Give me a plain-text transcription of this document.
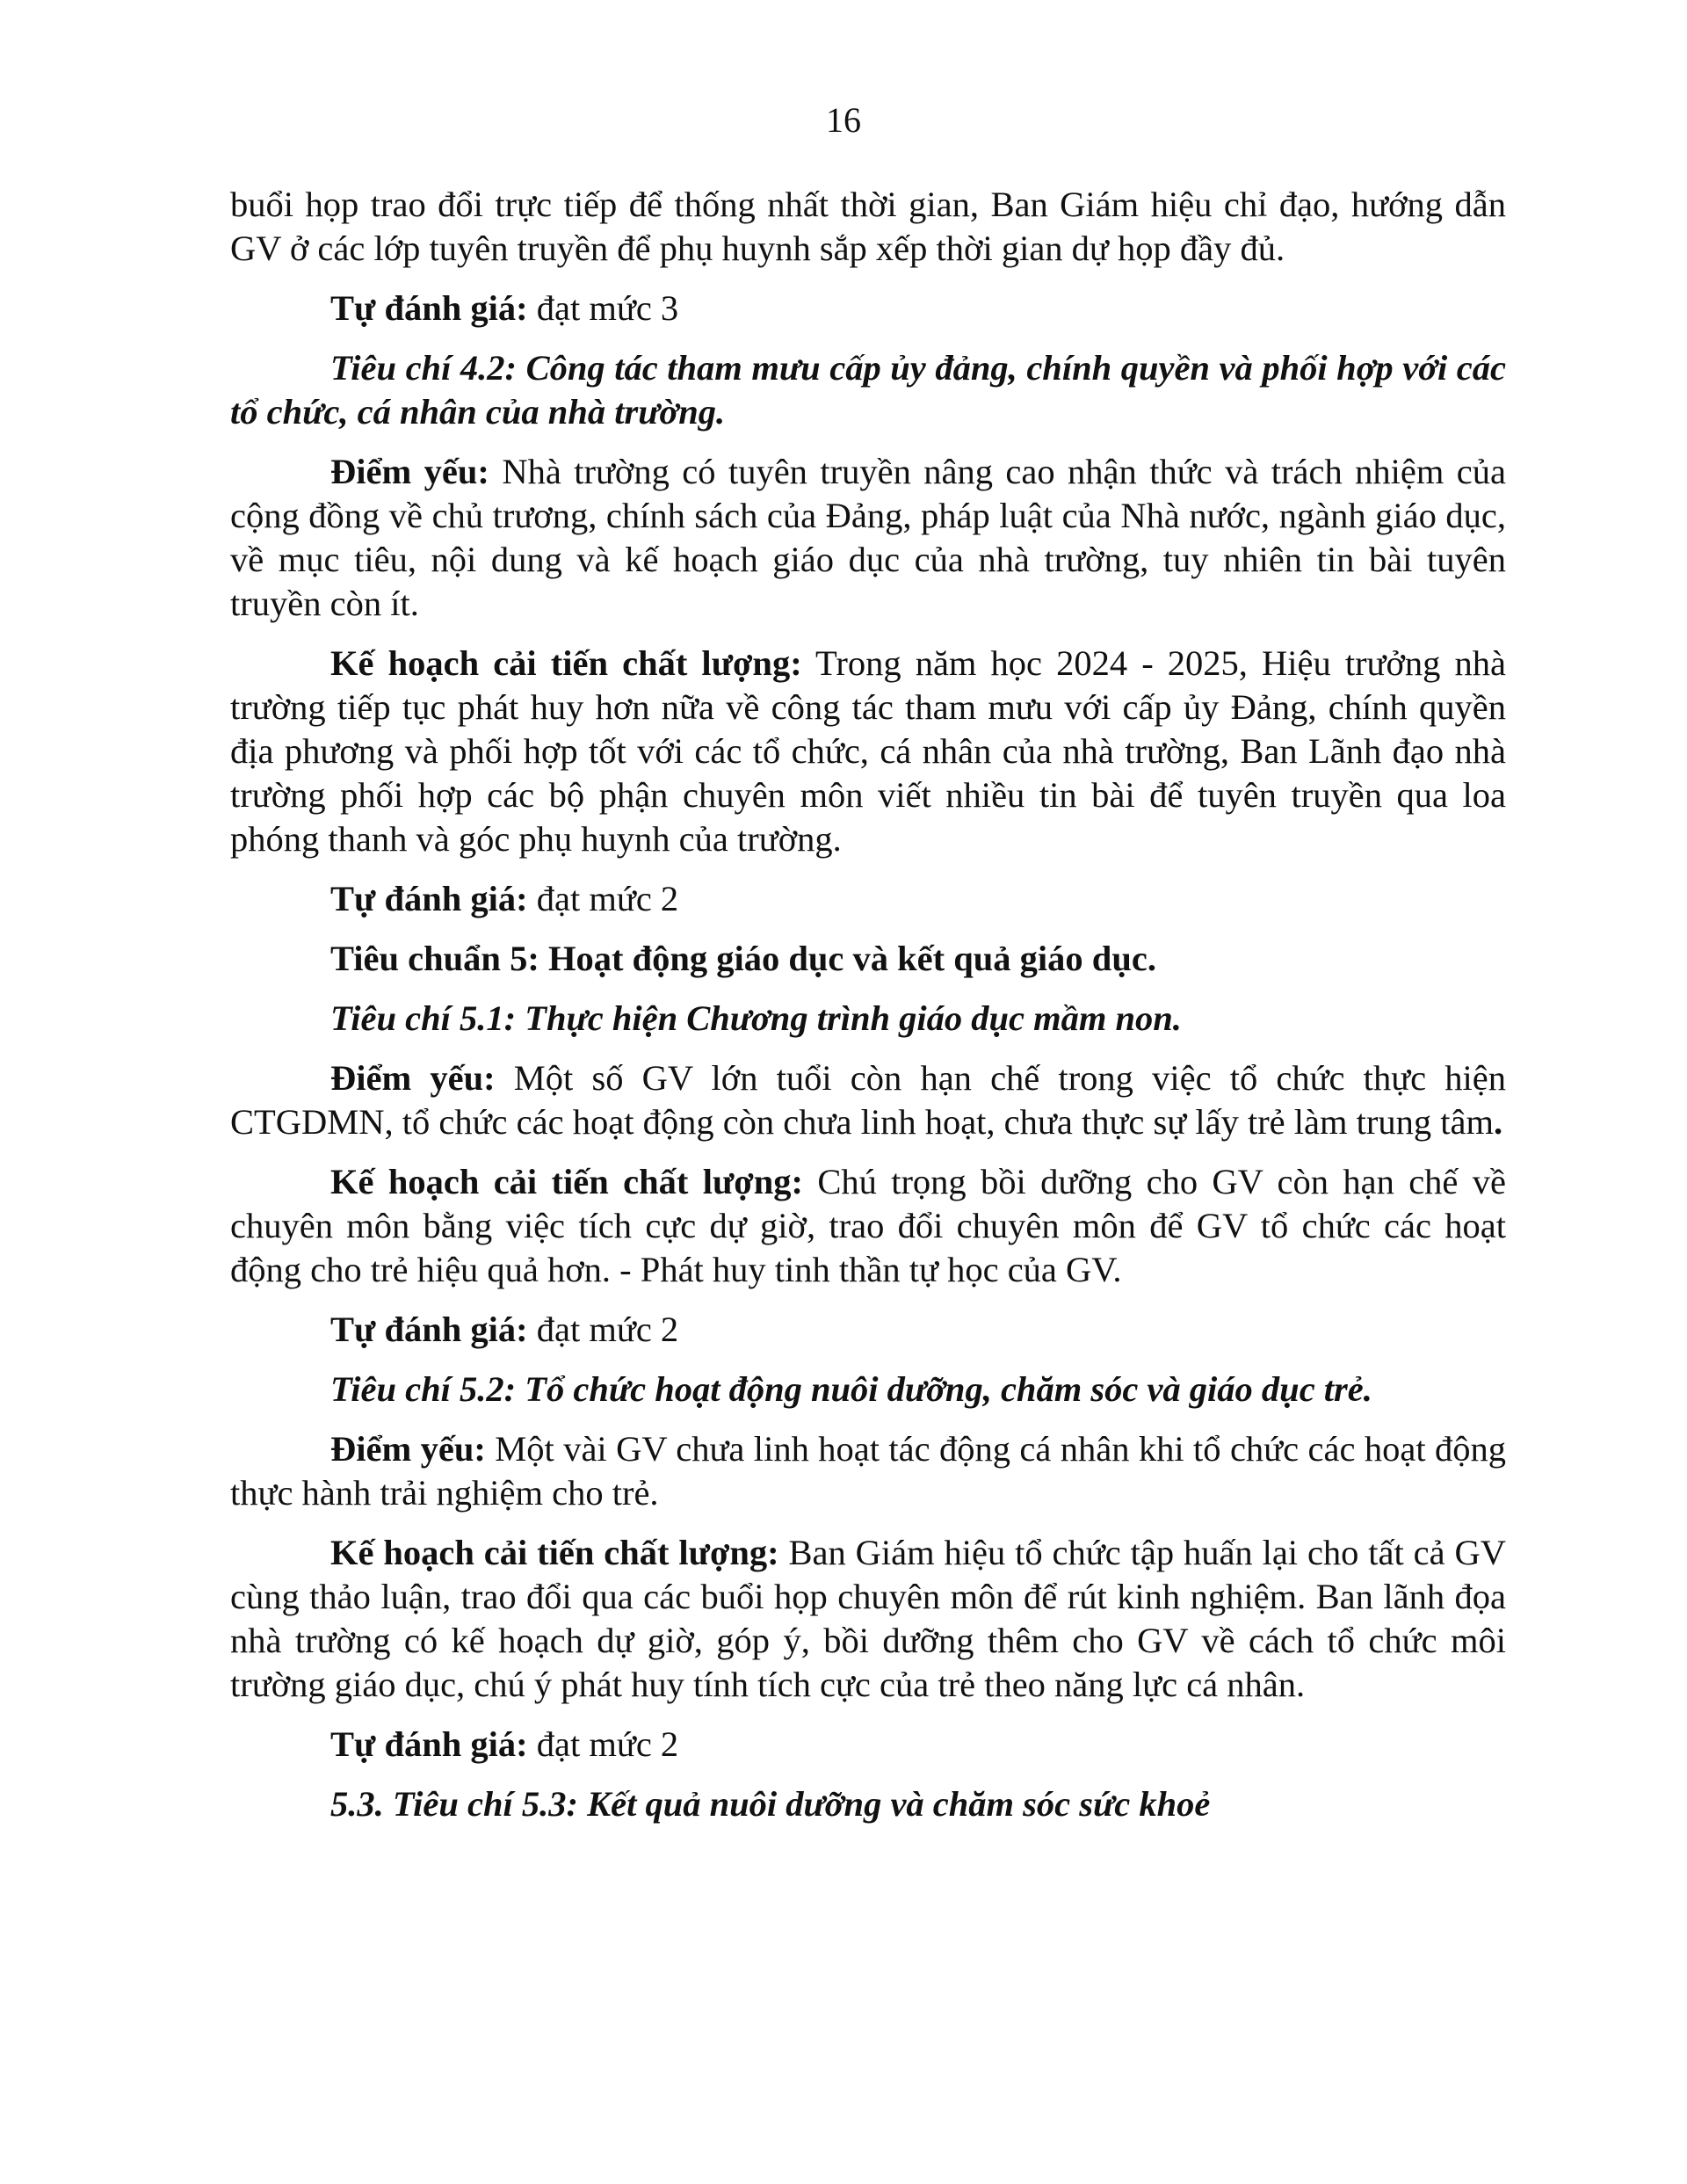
16

buổi họp trao đổi trực tiếp để thống nhất thời gian, Ban Giám hiệu chỉ đạo, hướng dẫn GV ở các lớp tuyên truyền để phụ huynh sắp xếp thời gian dự họp đầy đủ.

Tự đánh giá: đạt mức 3

Tiêu chí 4.2: Công tác tham mưu cấp ủy đảng, chính quyền và phối hợp với các tổ chức, cá nhân của nhà trường.

Điểm yếu: Nhà trường có tuyên truyền nâng cao nhận thức và trách nhiệm của cộng đồng về chủ trương, chính sách của Đảng, pháp luật của Nhà nước, ngành giáo dục, về mục tiêu, nội dung và kế hoạch giáo dục của nhà trường, tuy nhiên tin bài tuyên truyền còn ít.

Kế hoạch cải tiến chất lượng: Trong năm học 2024 - 2025, Hiệu trưởng nhà trường tiếp tục phát huy hơn nữa về công tác tham mưu với cấp ủy Đảng, chính quyền địa phương và phối hợp tốt với các tổ chức, cá nhân của nhà trường, Ban Lãnh đạo nhà trường phối hợp các bộ phận chuyên môn viết nhiều tin bài để tuyên truyền qua loa phóng thanh và góc phụ huynh của trường.

Tự đánh giá: đạt mức 2

Tiêu chuẩn 5: Hoạt động giáo dục và kết quả giáo dục.

Tiêu chí 5.1: Thực hiện Chương trình giáo dục mầm non.

Điểm yếu: Một số GV lớn tuổi còn hạn chế trong việc tổ chức thực hiện CTGDMN, tổ chức các hoạt động còn chưa linh hoạt, chưa thực sự lấy trẻ làm trung tâm.

Kế hoạch cải tiến chất lượng: Chú trọng bồi dưỡng cho GV còn hạn chế về chuyên môn bằng việc tích cực dự giờ, trao đổi chuyên môn để GV tổ chức các hoạt động cho trẻ hiệu quả hơn. - Phát huy tinh thần tự học của GV.

Tự đánh giá: đạt mức 2

Tiêu chí 5.2: Tổ chức hoạt động nuôi dưỡng, chăm sóc và giáo dục trẻ.

Điểm yếu: Một vài GV chưa linh hoạt tác động cá nhân khi tổ chức các hoạt động thực hành trải nghiệm cho trẻ.

Kế hoạch cải tiến chất lượng: Ban Giám hiệu tổ chức tập huấn lại cho tất cả GV cùng thảo luận, trao đổi qua các buổi họp chuyên môn để rút kinh nghiệm. Ban lãnh đọa nhà trường có kế hoạch dự giờ, góp ý, bồi dưỡng thêm cho GV về cách tổ chức môi trường giáo dục, chú ý phát huy tính tích cực của trẻ theo năng lực cá nhân.

Tự đánh giá: đạt mức 2

5.3. Tiêu chí 5.3: Kết quả nuôi dưỡng và chăm sóc sức khoẻ
